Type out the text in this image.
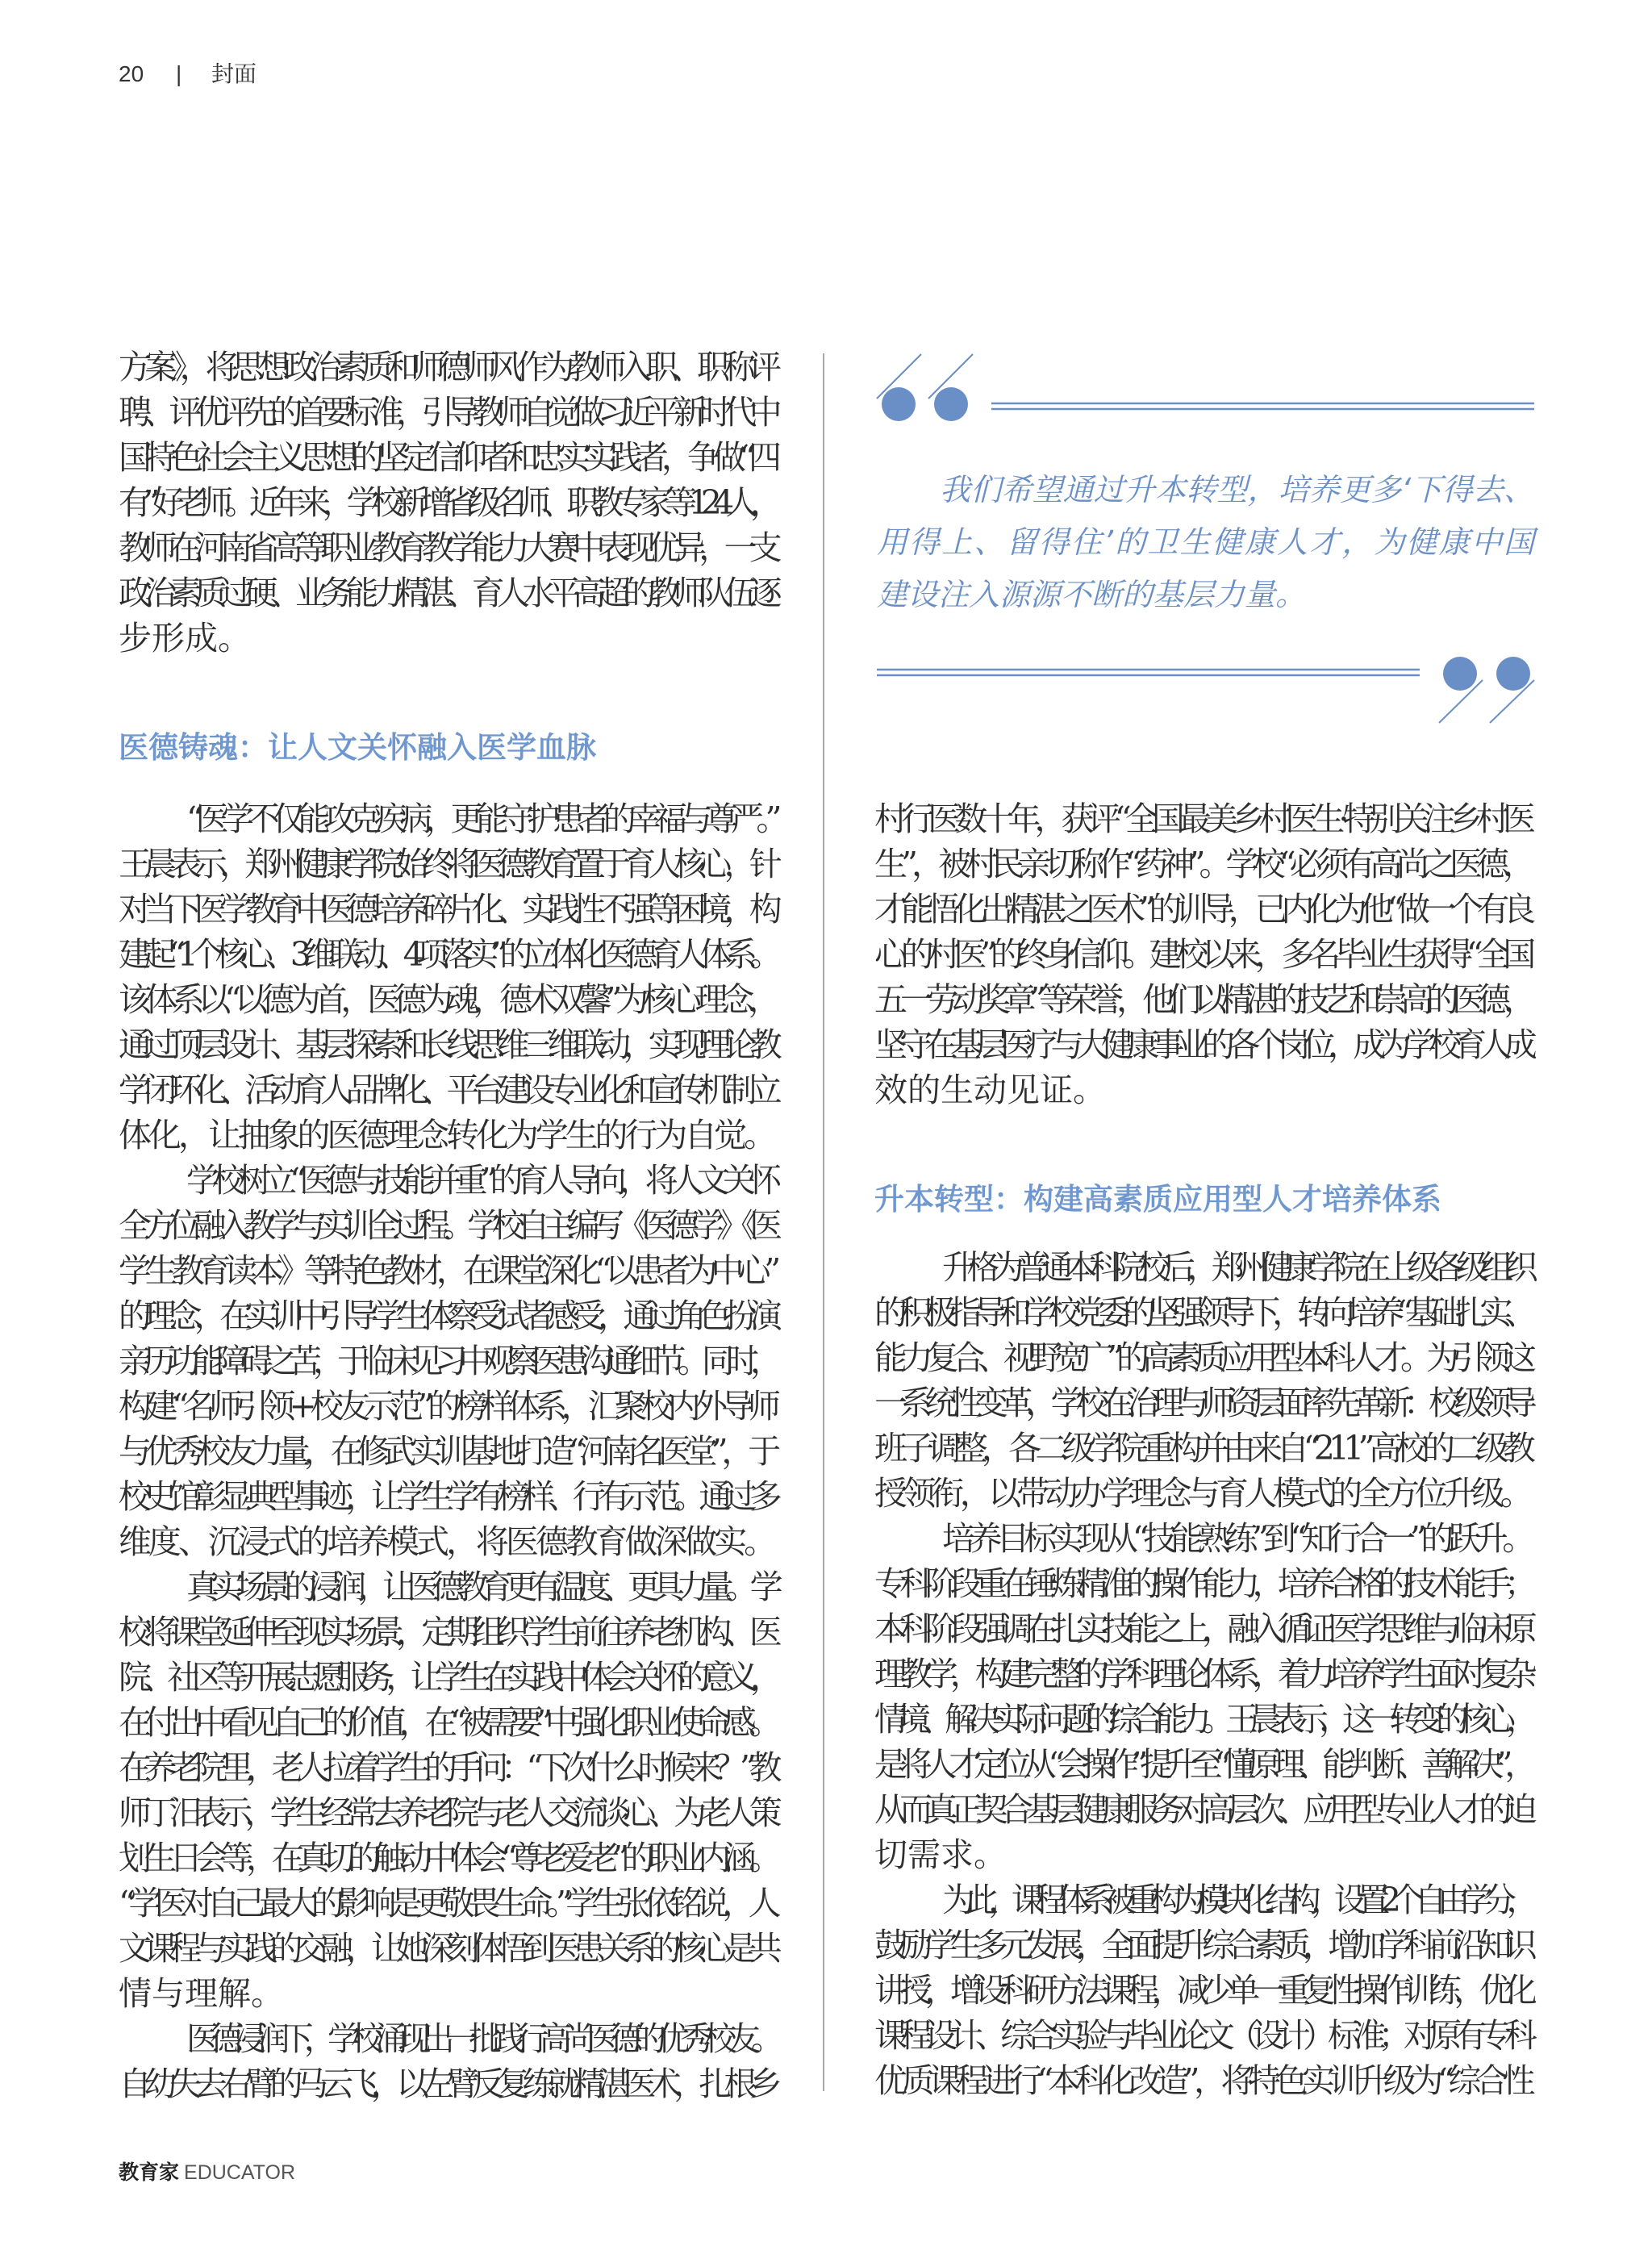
20 | 封面
方案》，将思想政治素质和师德师风作为教师入职、职称评
聘、评优评先的首要标准，引导教师自觉做习近平新时代中
国特色社会主义思想的坚定信仰者和忠实实践者，争做“四
有”好老师。近年来，学校新增省级名师、职教专家等124人，
教师在河南省高等职业教育教学能力大赛中表现优异，一支
政治素质过硬、业务能力精湛、育人水平高超的教师队伍逐
步形成。
医德铸魂：让人文关怀融入医学血脉
“医学不仅能攻克疾病，更能守护患者的幸福与尊严。”
王晨表示，郑州健康学院始终将医德教育置于育人核心，针
对当下医学教育中医德培养碎片化、实践性不强等困境，构
建起“1个核心、3维联动、4项落实”的立体化医德育人体系。
该体系以“以德为首，医德为魂，德术双馨”为核心理念，
通过顶层设计、基层探索和长线思维三维联动，实现理论教
学闭环化、活动育人品牌化、平台建设专业化和宣传机制立
体化，让抽象的医德理念转化为学生的行为自觉。
学校树立“医德与技能并重”的育人导向，将人文关怀
全方位融入教学与实训全过程。学校自主编写《医德学》《医
学生教育读本》等特色教材，在课堂深化“以患者为中心”
的理念，在实训中引导学生体察受试者感受，通过角色扮演
亲历功能障碍之苦，于临床见习中观察医患沟通细节。同时，
构建“名师引领+校友示范”的榜样体系，汇聚校内外导师
与优秀校友力量，在修武实训基地打造“河南名医堂”，于
校史馆彰显典型事迹，让学生学有榜样、行有示范。通过多
维度、沉浸式的培养模式，将医德教育做深做实。
真实场景的浸润，让医德教育更有温度、更具力量。学
校将课堂延伸至现实场景，定期组织学生前往养老机构、医
院、社区等开展志愿服务，让学生在实践中体会关怀的意义，
在付出中看见自己的价值，在“被需要”中强化职业使命感。
在养老院里，老人拉着学生的手问：“下次什么时候来？”教
师丁汨表示，学生经常去养老院与老人交流谈心、为老人策
划生日会等，在真切的触动中体会“尊老爱老”的职业内涵。
“学医对自己最大的影响是更敬畏生命。”学生张依铭说，人
文课程与实践的交融，让她深刻体悟到医患关系的核心是共
情与理解。
医德浸润下，学校涌现出一批践行高尚医德的优秀校友。
自幼失去右臂的马云飞，以左臂反复练就精湛医术，扎根乡
我们希望通过升本转型，培养更多‘下得去、
用得上、留得住’的卫生健康人才，为健康中国
建设注入源源不断的基层力量。
村行医数十年，获评“全国最美乡村医生·特别关注乡村医
生”，被村民亲切称作“药神”。学校“必须有高尚之医德，
才能悟化出精湛之医术”的训导，已内化为他“做一个有良
心的村医”的终身信仰。建校以来，多名毕业生获得“全国
五一劳动奖章”等荣誉，他们以精湛的技艺和崇高的医德，
坚守在基层医疗与大健康事业的各个岗位，成为学校育人成
效的生动见证。
升本转型：构建高素质应用型人才培养体系
升格为普通本科院校后，郑州健康学院在上级各级组织
的积极指导和学校党委的坚强领导下，转向培养“基础扎实、
能力复合、视野宽广”的高素质应用型本科人才。为引领这
一系统性变革，学校在治理与师资层面率先革新：校级领导
班子调整，各二级学院重构并由来自“211”高校的二级教
授领衔，以带动办学理念与育人模式的全方位升级。
培养目标实现从“技能熟练”到“知行合一”的跃升。
专科阶段重在锤炼精准的操作能力，培养合格的技术能手；
本科阶段强调在扎实技能之上，融入循证医学思维与临床原
理教学，构建完整的学科理论体系，着力培养学生面对复杂
情境、解决实际问题的综合能力。王晨表示，这一转变的核心，
是将人才定位从“会操作”提升至“懂原理、能判断、善解决”，
从而真正契合基层健康服务对高层次、应用型专业人才的迫
切需求。
为此，课程体系被重构为模块化结构，设置2个自由学分，
鼓励学生多元发展，全面提升综合素质，增加学科前沿知识
讲授，增设科研方法课程，减少单一重复性操作训练，优化
课程设计、综合实验与毕业论文（设计）标准；对原有专科
优质课程进行“本科化改造”，将特色实训升级为“综合性
教育家 EDUCATOR
